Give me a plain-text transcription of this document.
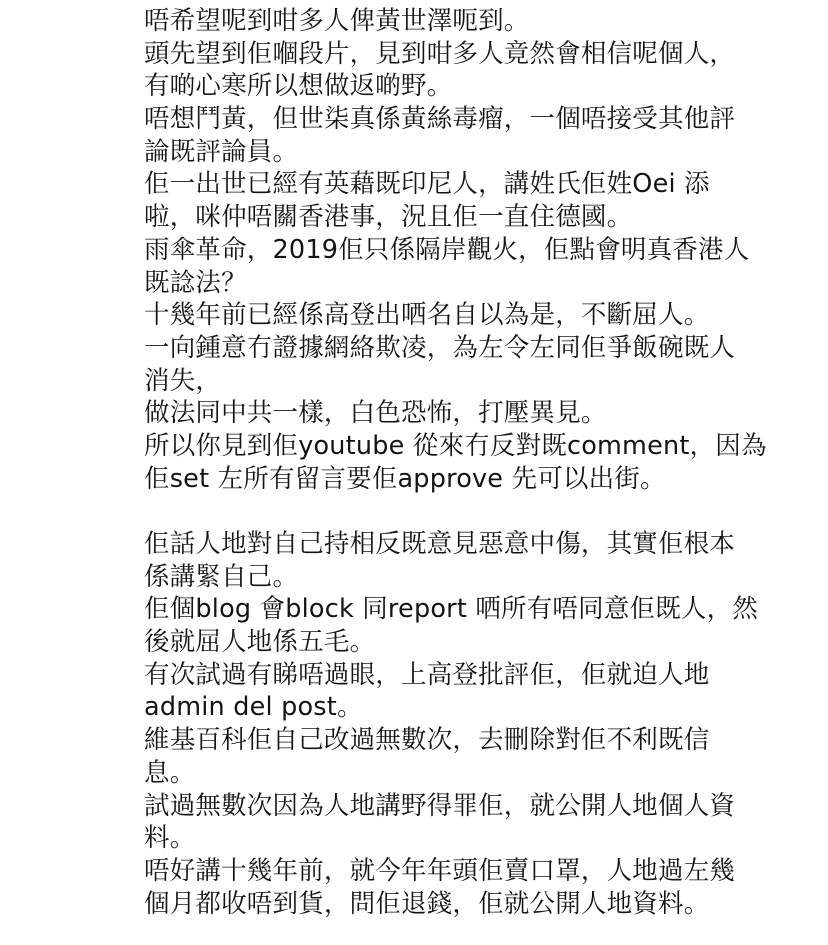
唔希望呢到咁多人俾黃世澤呃到。
頭先望到佢嗰段片，見到咁多人竟然會相信呢個人，
有啲心寒所以想做返啲野。
唔想鬥黃，但世柒真係黃絲毒瘤，一個唔接受其他評
論既評論員。
佢一出世已經有英藉既印尼人，講姓氏佢姓Oei 添
啦，咪仲唔關香港事，況且佢一直住德國。
雨傘革命，2019佢只係隔岸觀火，佢點會明真香港人
既諗法？
十幾年前已經係高登出哂名自以為是，不斷屈人。
一向鍾意冇證據網絡欺凌，為左令左同佢爭飯碗既人
消失，
做法同中共一樣，白色恐怖，打壓異見。
所以你見到佢youtube 從來冇反對既comment，因為
佢set 左所有留言要佢approve 先可以出街。
佢話人地對自己持相反既意見惡意中傷，其實佢根本
係講緊自己。
佢個blog 會block 同report 哂所有唔同意佢既人，然
後就屈人地係五毛。
有次試過有睇唔過眼，上高登批評佢，佢就迫人地
admin del post。
維基百科佢自己改過無數次，去刪除對佢不利既信
息。
試過無數次因為人地講野得罪佢，就公開人地個人資
料。
唔好講十幾年前，就今年年頭佢賣口罩，人地過左幾
個月都收唔到貨，問佢退錢，佢就公開人地資料。
